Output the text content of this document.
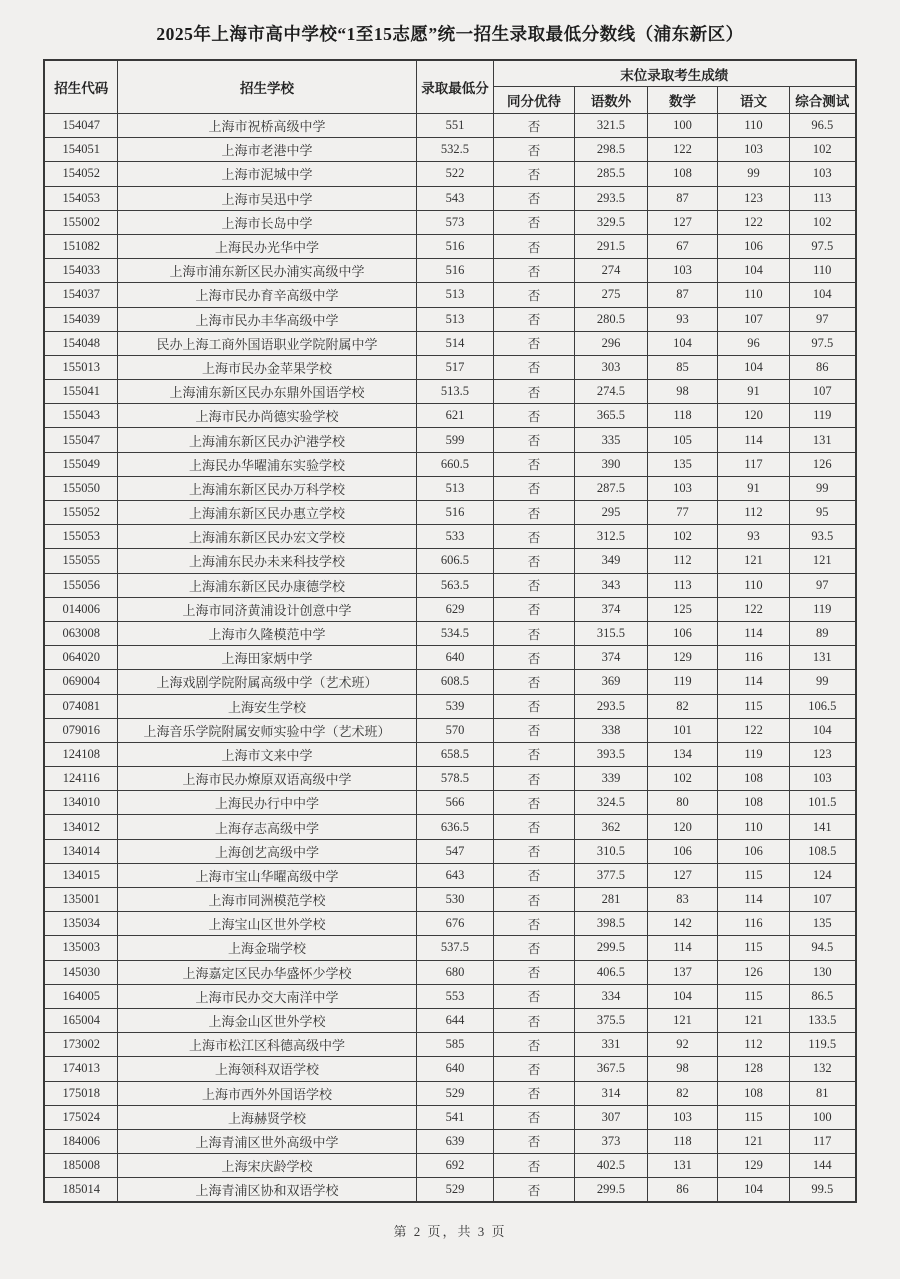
2025年上海市高中学校“1至15志愿”统一招生录取最低分数线（浦东新区）
招生代码	招生学校	录取最低分	末位录取考生成绩				
			同分优待	语数外	数学	语文	综合测试
154047	上海市祝桥高级中学	551	否	321.5	100	110	96.5
154051	上海市老港中学	532.5	否	298.5	122	103	102
154052	上海市泥城中学	522	否	285.5	108	99	103
154053	上海市吴迅中学	543	否	293.5	87	123	113
155002	上海市长岛中学	573	否	329.5	127	122	102
151082	上海民办光华中学	516	否	291.5	67	106	97.5
154033	上海市浦东新区民办浦实高级中学	516	否	274	103	104	110
154037	上海市民办育辛高级中学	513	否	275	87	110	104
154039	上海市民办丰华高级中学	513	否	280.5	93	107	97
154048	民办上海工商外国语职业学院附属中学	514	否	296	104	96	97.5
155013	上海市民办金苹果学校	517	否	303	85	104	86
155041	上海浦东新区民办东鼎外国语学校	513.5	否	274.5	98	91	107
155043	上海市民办尚德实验学校	621	否	365.5	118	120	119
155047	上海浦东新区民办沪港学校	599	否	335	105	114	131
155049	上海民办华曜浦东实验学校	660.5	否	390	135	117	126
155050	上海浦东新区民办万科学校	513	否	287.5	103	91	99
155052	上海浦东新区民办惠立学校	516	否	295	77	112	95
155053	上海浦东新区民办宏文学校	533	否	312.5	102	93	93.5
155055	上海浦东民办未来科技学校	606.5	否	349	112	121	121
155056	上海浦东新区民办康德学校	563.5	否	343	113	110	97
014006	上海市同济黄浦设计创意中学	629	否	374	125	122	119
063008	上海市久隆模范中学	534.5	否	315.5	106	114	89
064020	上海田家炳中学	640	否	374	129	116	131
069004	上海戏剧学院附属高级中学（艺术班）	608.5	否	369	119	114	99
074081	上海安生学校	539	否	293.5	82	115	106.5
079016	上海音乐学院附属安师实验中学（艺术班）	570	否	338	101	122	104
124108	上海市文来中学	658.5	否	393.5	134	119	123
124116	上海市民办燎原双语高级中学	578.5	否	339	102	108	103
134010	上海民办行中中学	566	否	324.5	80	108	101.5
134012	上海存志高级中学	636.5	否	362	120	110	141
134014	上海创艺高级中学	547	否	310.5	106	106	108.5
134015	上海市宝山华曜高级中学	643	否	377.5	127	115	124
135001	上海市同洲模范学校	530	否	281	83	114	107
135034	上海宝山区世外学校	676	否	398.5	142	116	135
135003	上海金瑞学校	537.5	否	299.5	114	115	94.5
145030	上海嘉定区民办华盛怀少学校	680	否	406.5	137	126	130
164005	上海市民办交大南洋中学	553	否	334	104	115	86.5
165004	上海金山区世外学校	644	否	375.5	121	121	133.5
173002	上海市松江区科德高级中学	585	否	331	92	112	119.5
174013	上海领科双语学校	640	否	367.5	98	128	132
175018	上海市西外外国语学校	529	否	314	82	108	81
175024	上海赫贤学校	541	否	307	103	115	100
184006	上海青浦区世外高级中学	639	否	373	118	121	117
185008	上海宋庆龄学校	692	否	402.5	131	129	144
185014	上海青浦区协和双语学校	529	否	299.5	86	104	99.5
第 2 页，共 3 页
